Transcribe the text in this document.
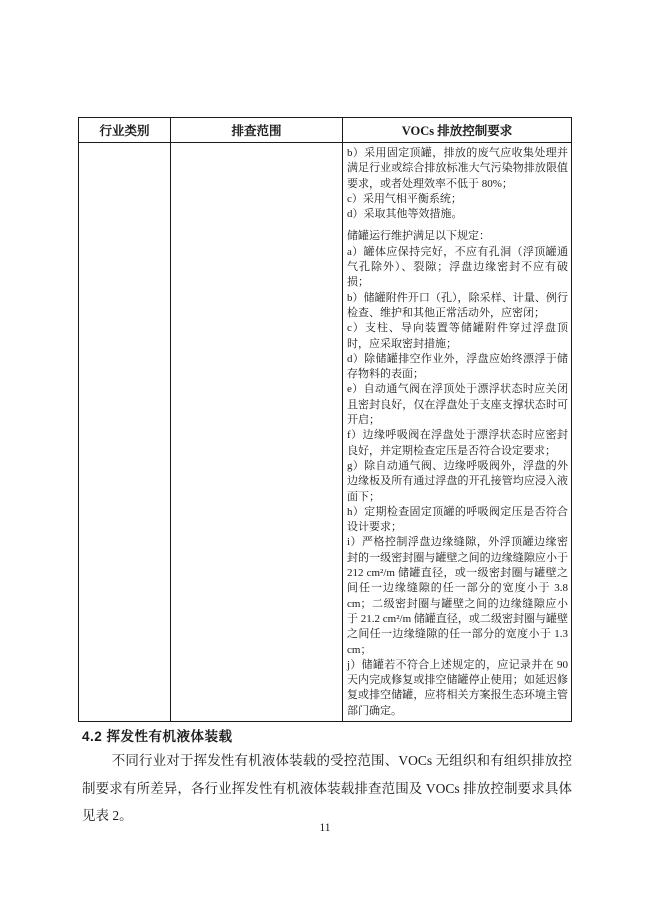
行业类别	排查范围	VOCs 排放控制要求

b）采用固定顶罐，排放的废气应收集处理并满足行业或综合排放标准大气污染物排放限值要求，或者处理效率不低于 80%；
c）采用气相平衡系统；
d）采取其他等效措施。
储罐运行维护满足以下规定：
a）罐体应保持完好，不应有孔洞（浮顶罐通气孔除外）、裂隙；浮盘边缘密封不应有破损；
b）储罐附件开口（孔），除采样、计量、例行检查、维护和其他正常活动外，应密闭；
c）支柱、导向装置等储罐附件穿过浮盘顶时，应采取密封措施；
d）除储罐排空作业外，浮盘应始终漂浮于储存物料的表面；
e）自动通气阀在浮顶处于漂浮状态时应关闭且密封良好，仅在浮盘处于支座支撑状态时可开启；
f）边缘呼吸阀在浮盘处于漂浮状态时应密封良好，并定期检查定压是否符合设定要求；
g）除自动通气阀、边缘呼吸阀外，浮盘的外边缘板及所有通过浮盘的开孔接管均应浸入液面下；
h）定期检查固定顶罐的呼吸阀定压是否符合设计要求；
i）严格控制浮盘边缘缝隙，外浮顶罐边缘密封的一级密封圈与罐壁之间的边缘缝隙应小于 212 cm²/m 储罐直径，或一级密封圈与罐壁之间任一边缘缝隙的任一部分的宽度小于 3.8 cm；二级密封圈与罐壁之间的边缘缝隙应小于 21.2 cm²/m 储罐直径，或二级密封圈与罐壁之间任一边缘缝隙的任一部分的宽度小于 1.3 cm；
j）储罐若不符合上述规定的，应记录并在 90 天内完成修复或排空储罐停止使用；如延迟修复或排空储罐，应将相关方案报生态环境主管部门确定。
4.2 挥发性有机液体装载
不同行业对于挥发性有机液体装载的受控范围、VOCs 无组织和有组织排放控制要求有所差异，各行业挥发性有机液体装载排查范围及 VOCs 排放控制要求具体见表 2。
11
